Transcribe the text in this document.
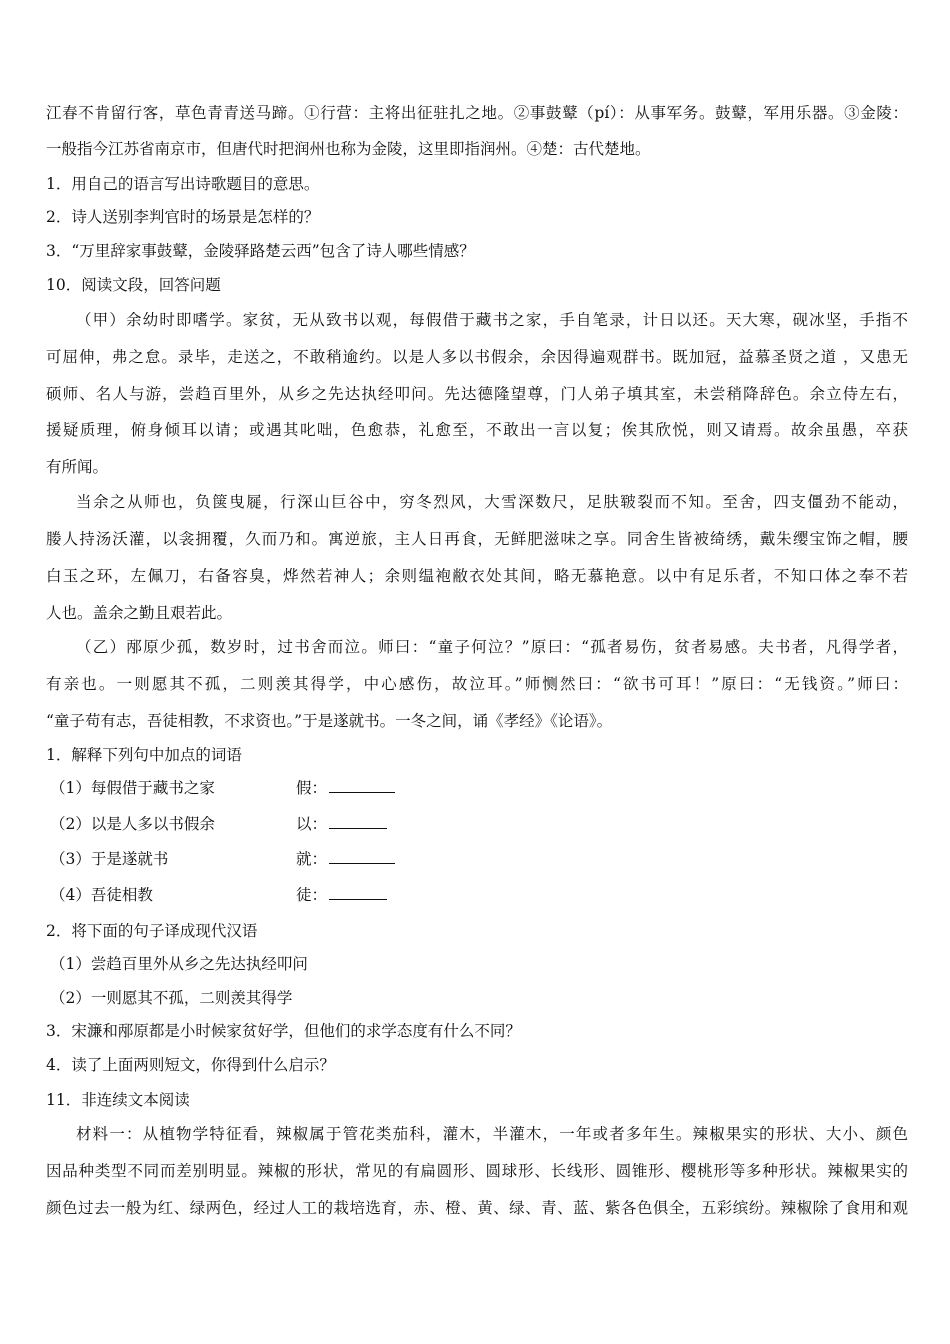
江春不肯留行客，草色青青送马蹄。①行营：主将出征驻扎之地。②事鼓鼙（pí）：从事军务。鼓鼙，军用乐器。③金陵：
一般指今江苏省南京市，但唐代时把润州也称为金陵，这里即指润州。④楚：古代楚地。
1．用自己的语言写出诗歌题目的意思。
2．诗人送别李判官时的场景是怎样的？
3．“万里辞家事鼓鼙，金陵驿路楚云西”包含了诗人哪些情感？
10．阅读文段，回答问题
（甲）余幼时即嗜学。家贫，无从致书以观，每假借于藏书之家，手自笔录，计日以还。天大寒，砚冰坚，手指不
可屈伸，弗之怠。录毕，走送之，不敢稍逾约。以是人多以书假余，余因得遍观群书。既加冠，益慕圣贤之道 ，又患无
硕师、名人与游，尝趋百里外，从乡之先达执经叩问。先达德隆望尊，门人弟子填其室，未尝稍降辞色。余立侍左右，
援疑质理，俯身倾耳以请；或遇其叱咄，色愈恭，礼愈至，不敢出一言以复；俟其欣悦，则又请焉。故余虽愚，卒获
有所闻。
当余之从师也，负箧曳屣，行深山巨谷中，穷冬烈风，大雪深数尺，足肤皲裂而不知。至舍，四支僵劲不能动，
媵人持汤沃灌，以衾拥覆，久而乃和。寓逆旅，主人日再食，无鲜肥滋味之享。同舍生皆被绮绣，戴朱缨宝饰之帽，腰
白玉之环，左佩刀，右备容臭，烨然若神人；余则缊袍敝衣处其间，略无慕艳意。以中有足乐者，不知口体之奉不若
人也。盖余之勤且艰若此。
（乙）邴原少孤，数岁时，过书舍而泣。师曰：“童子何泣？”原曰：“孤者易伤，贫者易感。夫书者，凡得学者，
有亲也。一则愿其不孤，二则羡其得学，中心感伤，故泣耳。”师恻然曰：“欲书可耳！”原曰：“无钱资。”师曰：
“童子苟有志，吾徒相教，不求资也。”于是遂就书。一冬之间，诵《孝经》《论语》。
1．解释下列句中加点的词语
（1）每假借于藏书之家	假：
（2）以是人多以书假余	以：
（3）于是遂就书	就：
（4）吾徒相教	徒：
2．将下面的句子译成现代汉语
（1）尝趋百里外从乡之先达执经叩问
（2）一则愿其不孤，二则羡其得学
3．宋濂和邴原都是小时候家贫好学，但他们的求学态度有什么不同？
4．读了上面两则短文，你得到什么启示？
11．非连续文本阅读
材料一：从植物学特征看，辣椒属于管花类茄科，灌木，半灌木，一年或者多年生。辣椒果实的形状、大小、颜色
因品种类型不同而差别明显。辣椒的形状，常见的有扁圆形、圆球形、长线形、圆锥形、樱桃形等多种形状。辣椒果实的
颜色过去一般为红、绿两色，经过人工的栽培选育，赤、橙、黄、绿、青、蓝、紫各色俱全，五彩缤纷。辣椒除了食用和观
